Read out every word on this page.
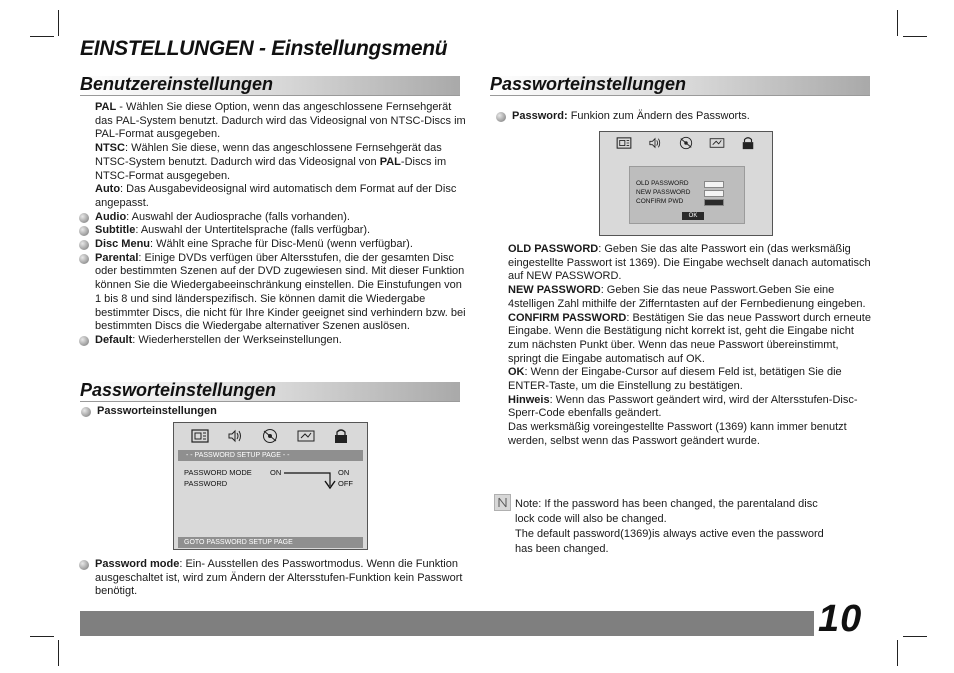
EINSTELLUNGEN - Einstellungsmenü
Benutzereinstellungen
PAL - Wählen Sie diese Option, wenn das angeschlossene Fernsehgerät das PAL-System benutzt. Dadurch wird das Videosignal von NTSC-Discs im PAL-Format ausgegeben.
NTSC: Wählen Sie diese, wenn das angeschlossene Fernsehgerät das NTSC-System benutzt. Dadurch wird das Videosignal von PAL-Discs im NTSC-Format ausgegeben.
Auto: Das Ausgabevideosignal wird automatisch dem Format auf der Disc angepasst.
Audio: Auswahl der Audiosprache (falls vorhanden).
Subtitle: Auswahl der Untertitelsprache (falls verfügbar).
Disc Menu: Wählt eine Sprache für Disc-Menü (wenn verfügbar).
Parental: Einige DVDs verfügen über Altersstufen, die der gesamten Disc oder bestimmten Szenen auf der DVD zugewiesen sind. Mit dieser Funktion können Sie die Wiedergabeeinschränkung einstellen. Die Einstufungen von 1 bis 8 und sind länderspezifisch. Sie können damit die Wiedergabe bestimmter Discs, die nicht für Ihre Kinder geeignet sind verhindern bzw. bei bestimmten Discs die Wiedergabe alternativer Szenen auslösen.
Default: Wiederherstellen der Werkseinstellungen.
Passworteinstellungen
Passworteinstellungen
- - PASSWORD SETUP PAGE - -
PASSWORD MODE ON	ON
PASSWORD	OFF
GOTO PASSWORD SETUP PAGE
Password mode: Ein- Ausstellen des Passwortmodus. Wenn die Funktion ausgeschaltet ist, wird zum Ändern der Altersstufen-Funktion kein Passwort benötigt.
Passworteinstellungen
Password: Funkion zum Ändern des Passworts.
OLD PASSWORD
NEW PASSWORD
CONFIRM PWD
OK
OLD PASSWORD: Geben Sie das alte Passwort ein (das werksmäßig eingestellte Passwort ist 1369). Die Eingabe wechselt danach automatisch auf NEW PASSWORD.
NEW PASSWORD: Geben Sie das neue Passwort.Geben Sie eine 4stelligen Zahl mithilfe der Zifferntasten auf der Fernbedienung eingeben.
CONFIRM PASSWORD: Bestätigen Sie das neue Passwort durch erneute Eingabe. Wenn die Bestätigung nicht korrekt ist, geht die Eingabe nicht zum nächsten Punkt über. Wenn das neue Passwort übereinstimmt, springt die Eingabe automatisch auf OK.
OK: Wenn der Eingabe-Cursor auf diesem Feld ist, betätigen Sie die ENTER-Taste, um die Einstellung zu bestätigen.
Hinweis: Wenn das Passwort geändert wird, wird der Altersstufen-Disc-Sperr-Code ebenfalls geändert.
Das werksmäßig voreingestellte Passwort (1369) kann immer benutzt werden, selbst wenn das Passwort geändert wurde.
Note: If the password has been changed, the parentaland disc
lock code will also be changed.
The default password(1369)is always active even the password
has been changed.
10
